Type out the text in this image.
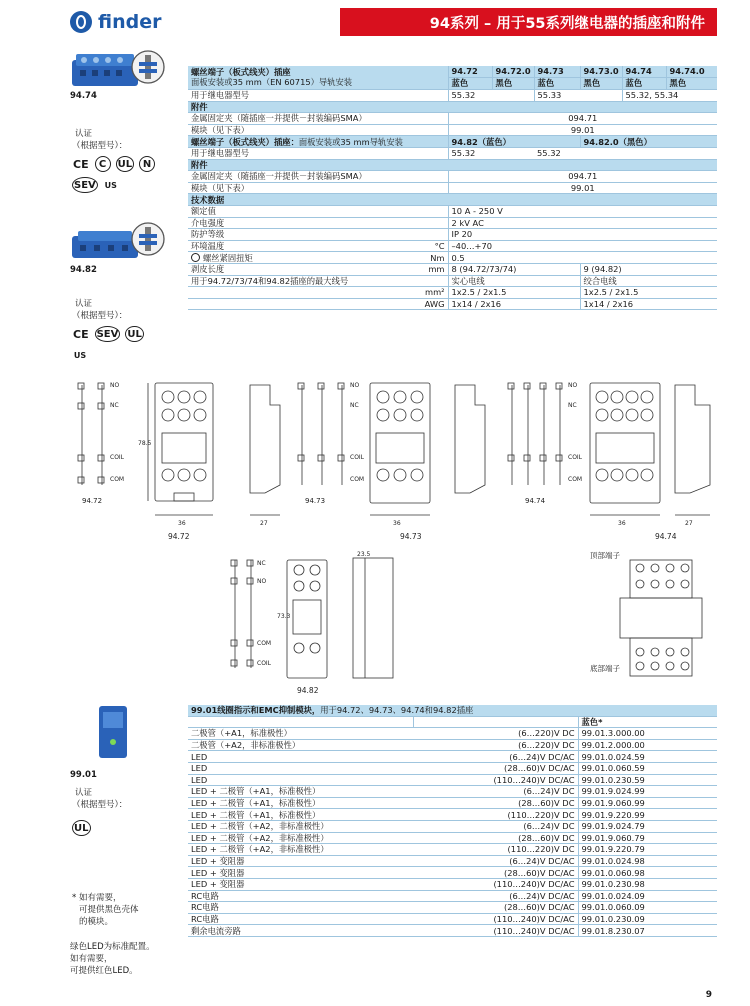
finder	94系列 – 用于55系列继电器的插座和附件
94.74
认证
（根据型号）：
CE	C	UL	N
SEV US
94.82
认证
（根据型号）：
CE SEV UL
US
螺丝端子（板式线夹）插座
面板安装或35 mm（EN 60715）导轨安装		94.72	94.72.0	94.73	94.73.0	94.74	94.74.0
		蓝色	黑色	蓝色	黑色	蓝色	黑色
用于继电器型号		55.32		55.33		55.32, 55.34	
附件							
金属固定夹（随插座一并提供－封装编码SMA）		094.71					
模块（见下表）		99.01					
螺丝端子（板式线夹）插座：面板安装或35 mm导轨安装		94.82（蓝色）			94.82.0（黑色）		
用于继电器型号		55.32		55.32			
附件							
金属固定夹（随插座一并提供－封装编码SMA）		094.71					
模块（见下表）		99.01					
技术数据							
额定值		10 A - 250 V					
介电强度		2 kV AC					
防护等级		IP 20					
环境温度	°C	–40…+70					
螺丝紧固扭矩	Nm	0.5					
剥皮长度	mm	8 (94.72/73/74)			9 (94.82)		
用于94.72/73/74和94.82插座的最大线号		实心电线			绞合电线		
	mm²	1x2.5 / 2x1.5			1x2.5 / 2x1.5		
	AWG	1x14 / 2x16			1x14 / 2x16		
NO
NC
COIL
COM
NO
NC
COIL
COM
NO
NC
COIL
COM
78.5
36	27	36	36	27
94.72	94.73	94.74
94.72	94.73	94.74
NC
NO
COM
COIL
23.5
73.3
94.82
顶部端子
底部端子
99.01
认证
（根据型号）：
UL
* 如有需要，
可提供黑色壳体
的模块。
绿色LED为标准配置。
如有需要，
可提供红色LED。
99.01线圈指示和EMC抑制模块，用于94.72、94.73、94.74和94.82插座		
		蓝色*
二极管（+A1，标准极性）	(6…220)V DC	99.01.3.000.00
二极管（+A2，非标准极性）	(6…220)V DC	99.01.2.000.00
LED	(6…24)V DC/AC	99.01.0.024.59
LED	(28…60)V DC/AC	99.01.0.060.59
LED	(110…240)V DC/AC	99.01.0.230.59
LED + 二极管（+A1，标准极性）	(6…24)V DC	99.01.9.024.99
LED + 二极管（+A1，标准极性）	(28…60)V DC	99.01.9.060.99
LED + 二极管（+A1，标准极性）	(110…220)V DC	99.01.9.220.99
LED + 二极管（+A2，非标准极性）	(6…24)V DC	99.01.9.024.79
LED + 二极管（+A2，非标准极性）	(28…60)V DC	99.01.9.060.79
LED + 二极管（+A2，非标准极性）	(110…220)V DC	99.01.9.220.79
LED + 变阻器	(6…24)V DC/AC	99.01.0.024.98
LED + 变阻器	(28…60)V DC/AC	99.01.0.060.98
LED + 变阻器	(110…240)V DC/AC	99.01.0.230.98
RC电路	(6…24)V DC/AC	99.01.0.024.09
RC电路	(28…60)V DC/AC	99.01.0.060.09
RC电路	(110…240)V DC/AC	99.01.0.230.09
剩余电流旁路	(110…240)V DC/AC	99.01.8.230.07
9
